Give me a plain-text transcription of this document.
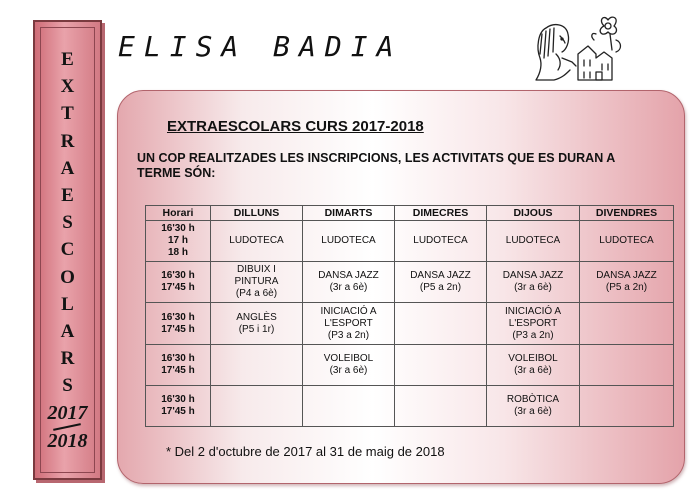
E
X
T
R
A
E
S
C
O
L
A
R
S
2017
2018
ELISA BADIA
EXTRAESCOLARS CURS 2017-2018
UN COP REALITZADES LES INSCRIPCIONS, LES ACTIVITATS QUE ES DURAN A TERME SÓN:
Horari	DILLUNS	DIMARTS	DIMECRES	DIJOUS	DIVENDRES

16'30 h
17 h
18 h	LUDOTECA	LUDOTECA	LUDOTECA	LUDOTECA	LUDOTECA

16'30 h
17'45 h	DIBUIX I
PINTURA
(P4 a 6è)	DANSA JAZZ
(3r a 6è)	DANSA JAZZ
(P5 a 2n)	DANSA JAZZ
(3r a 6è)	DANSA JAZZ
(P5 a 2n)

16'30 h
17'45 h	ANGLÈS
(P5 i 1r)	INICIACIÓ A
L'ESPORT
(P3 a 2n)		INICIACIÓ A
L'ESPORT
(P3 a 2n)	

16'30 h
17'45 h		VOLEIBOL
(3r a 6è)		VOLEIBOL
(3r a 6è)	

16'30 h
17'45 h				ROBÒTICA
(3r a 6è)	

* Del 2 d'octubre de 2017 al 31 de maig de 2018
